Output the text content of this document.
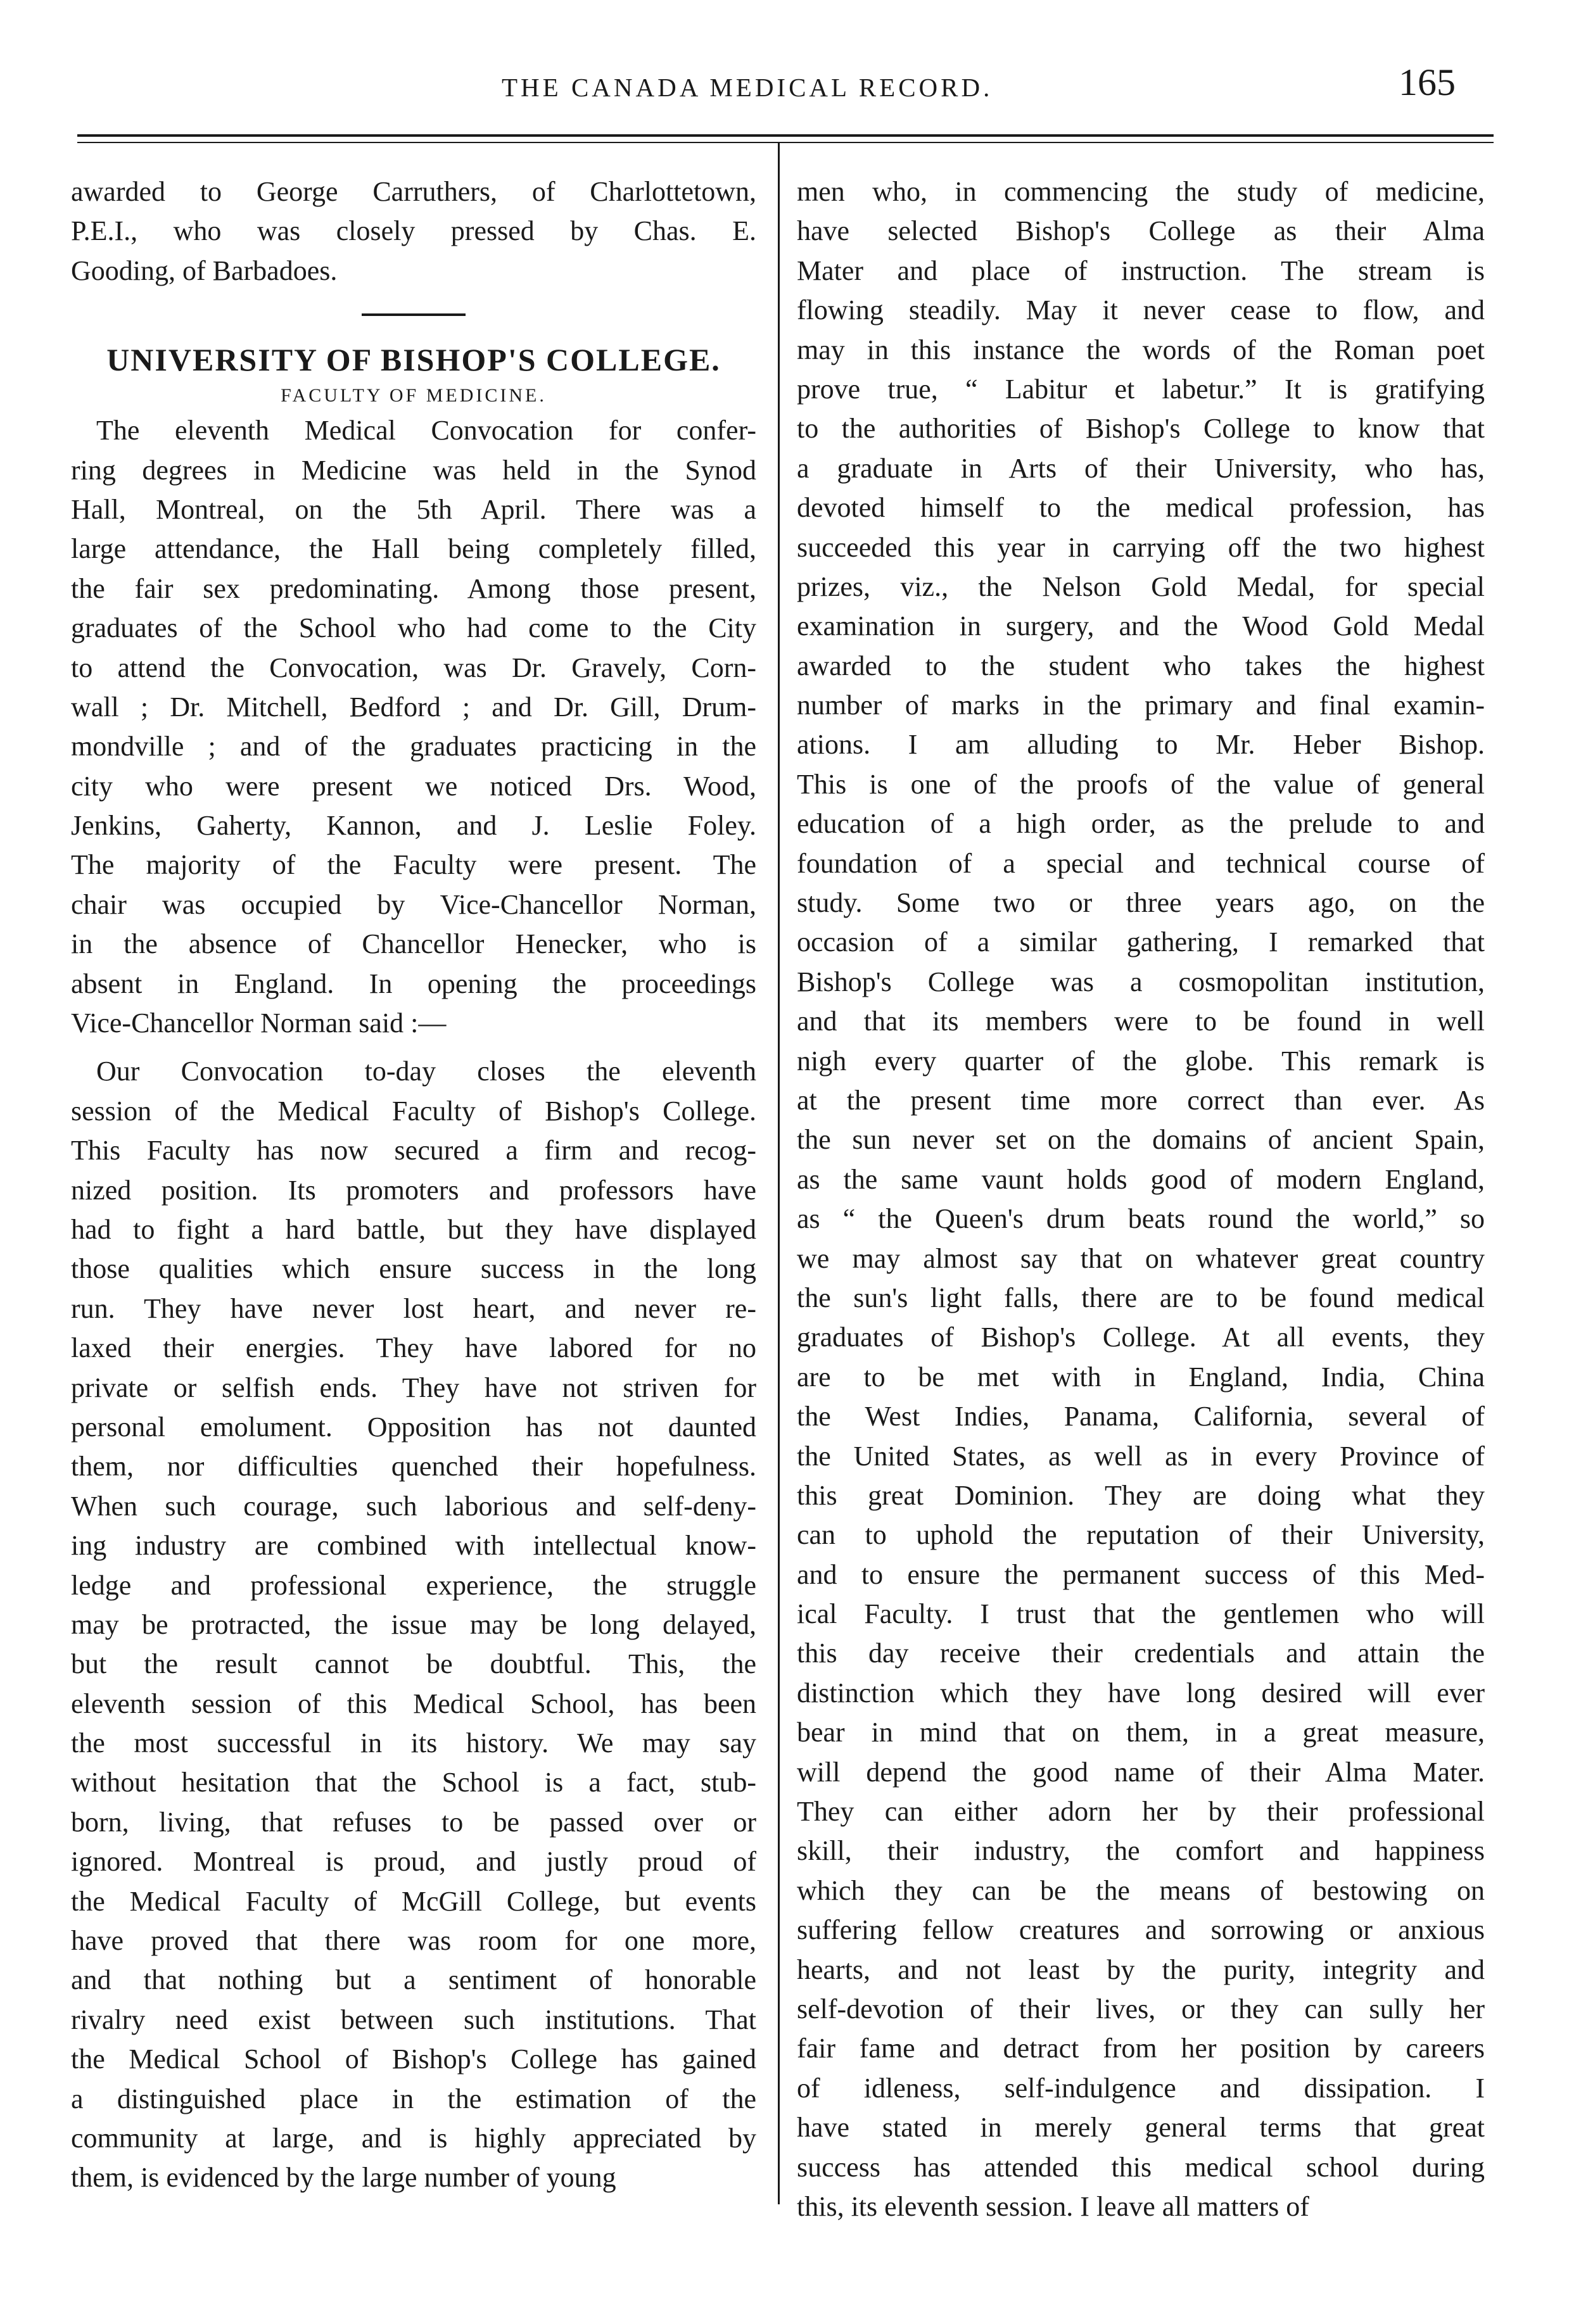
THE CANADA MEDICAL RECORD.	165

awarded to George Carruthers, of Charlottetown,

P.E.I., who was closely pressed by Chas. E.

Gooding, of Barbadoes.

UNIVERSITY OF BISHOP'S COLLEGE.
FACULTY OF MEDICINE.

The eleventh Medical Convocation for confer-

ring degrees in Medicine was held in the Synod

Hall, Montreal, on the 5th April. There was a

large attendance, the Hall being completely filled,

the fair sex predominating. Among those present,

graduates of the School who had come to the City

to attend the Convocation, was Dr. Gravely, Corn-

wall ; Dr. Mitchell, Bedford ; and Dr. Gill, Drum-

mondville ; and of the graduates practicing in the

city who were present we noticed Drs. Wood,

Jenkins, Gaherty, Kannon, and J. Leslie Foley.

The majority of the Faculty were present. The

chair was occupied by Vice-Chancellor Norman,

in the absence of Chancellor Henecker, who is

absent in England. In opening the proceedings

Vice-Chancellor Norman said :—

Our Convocation to-day closes the eleventh

session of the Medical Faculty of Bishop's College.

This Faculty has now secured a firm and recog-

nized position. Its promoters and professors have

had to fight a hard battle, but they have displayed

those qualities which ensure success in the long

run. They have never lost heart, and never re-

laxed their energies. They have labored for no

private or selfish ends. They have not striven for

personal emolument. Opposition has not daunted

them, nor difficulties quenched their hopefulness.

When such courage, such laborious and self-deny-

ing industry are combined with intellectual know-

ledge and professional experience, the struggle

may be protracted, the issue may be long delayed,

but the result cannot be doubtful. This, the

eleventh session of this Medical School, has been

the most successful in its history. We may say

without hesitation that the School is a fact, stub-

born, living, that refuses to be passed over or

ignored. Montreal is proud, and justly proud of

the Medical Faculty of McGill College, but events

have proved that there was room for one more,

and that nothing but a sentiment of honorable

rivalry need exist between such institutions. That

the Medical School of Bishop's College has gained

a distinguished place in the estimation of the

community at large, and is highly appreciated by

them, is evidenced by the large number of young

men who, in commencing the study of medicine,

have selected Bishop's College as their Alma

Mater and place of instruction. The stream is

flowing steadily. May it never cease to flow, and

may in this instance the words of the Roman poet

prove true, “ Labitur et labetur.” It is gratifying

to the authorities of Bishop's College to know that

a graduate in Arts of their University, who has,

devoted himself to the medical profession, has

succeeded this year in carrying off the two highest

prizes, viz., the Nelson Gold Medal, for special

examination in surgery, and the Wood Gold Medal

awarded to the student who takes the highest

number of marks in the primary and final examin-

ations. I am alluding to Mr. Heber Bishop.

This is one of the proofs of the value of general

education of a high order, as the prelude to and

foundation of a special and technical course of

study. Some two or three years ago, on the

occasion of a similar gathering, I remarked that

Bishop's College was a cosmopolitan institution,

and that its members were to be found in well

nigh every quarter of the globe. This remark is

at the present time more correct than ever. As

the sun never set on the domains of ancient Spain,

as the same vaunt holds good of modern England,

as “ the Queen's drum beats round the world,” so

we may almost say that on whatever great country

the sun's light falls, there are to be found medical

graduates of Bishop's College. At all events, they

are to be met with in England, India, China

the West Indies, Panama, California, several of

the United States, as well as in every Province of

this great Dominion. They are doing what they

can to uphold the reputation of their University,

and to ensure the permanent success of this Med-

ical Faculty. I trust that the gentlemen who will

this day receive their credentials and attain the

distinction which they have long desired will ever

bear in mind that on them, in a great measure,

will depend the good name of their Alma Mater.

They can either adorn her by their professional

skill, their industry, the comfort and happiness

which they can be the means of bestowing on

suffering fellow creatures and sorrowing or anxious

hearts, and not least by the purity, integrity and

self-devotion of their lives, or they can sully her

fair fame and detract from her position by careers

of idleness, self-indulgence and dissipation. I

have stated in merely general terms that great

success has attended this medical school during

this, its eleventh session. I leave all matters of
